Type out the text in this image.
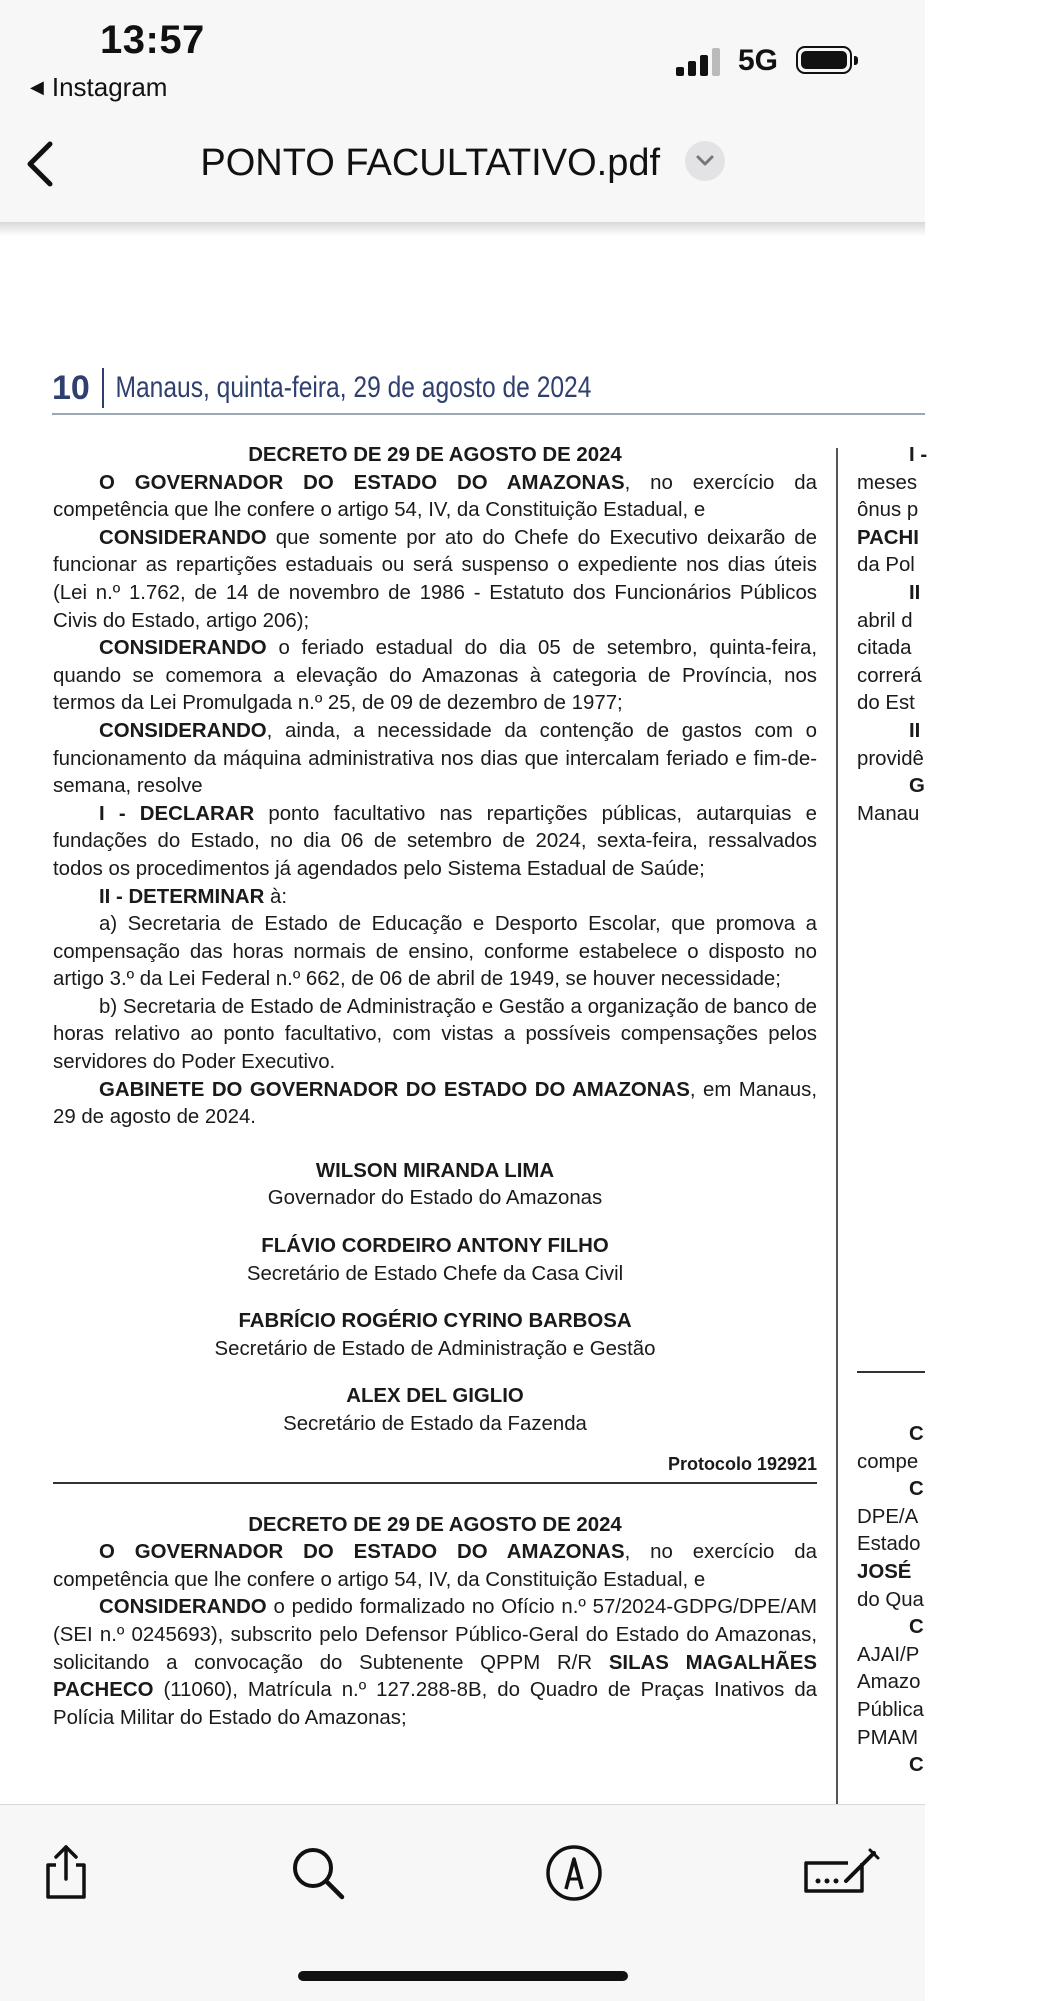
13:57
◀ Instagram
5G
PONTO FACULTATIVO.pdf
10 Manaus, quinta-feira, 29 de agosto de 2024

DECRETO DE 29 DE AGOSTO DE 2024

O GOVERNADOR DO ESTADO DO AMAZONAS, no exercício da competência que lhe confere o artigo 54, IV, da Constituição Estadual, e

CONSIDERANDO que somente por ato do Chefe do Executivo deixarão de funcionar as repartições estaduais ou será suspenso o expediente nos dias úteis (Lei n.º 1.762, de 14 de novembro de 1986 - Estatuto dos Funcionários Públicos Civis do Estado, artigo 206);

CONSIDERANDO o feriado estadual do dia 05 de setembro, quinta-feira, quando se comemora a elevação do Amazonas à categoria de Província, nos termos da Lei Promulgada n.º 25, de 09 de dezembro de 1977;

CONSIDERANDO, ainda, a necessidade da contenção de gastos com o funcionamento da máquina administrativa nos dias que intercalam feriado e fim-de-semana, resolve

I - DECLARAR ponto facultativo nas repartições públicas, autarquias e fundações do Estado, no dia 06 de setembro de 2024, sexta-feira, ressalvados todos os procedimentos já agendados pelo Sistema Estadual de Saúde;

II - DETERMINAR à:

a) Secretaria de Estado de Educação e Desporto Escolar, que promova a compensação das horas normais de ensino, conforme estabelece o disposto no artigo 3.º da Lei Federal n.º 662, de 06 de abril de 1949, se houver necessidade;

b) Secretaria de Estado de Administração e Gestão a organização de banco de horas relativo ao ponto facultativo, com vistas a possíveis compensações pelos servidores do Poder Executivo.

GABINETE DO GOVERNADOR DO ESTADO DO AMAZONAS, em Manaus, 29 de agosto de 2024.

WILSON MIRANDA LIMA
Governador do Estado do Amazonas
FLÁVIO CORDEIRO ANTONY FILHO
Secretário de Estado Chefe da Casa Civil
FABRÍCIO ROGÉRIO CYRINO BARBOSA
Secretário de Estado de Administração e Gestão
ALEX DEL GIGLIO
Secretário de Estado da Fazenda
Protocolo 192921

DECRETO DE 29 DE AGOSTO DE 2024

O GOVERNADOR DO ESTADO DO AMAZONAS, no exercício da competência que lhe confere o artigo 54, IV, da Constituição Estadual, e

CONSIDERANDO o pedido formalizado no Ofício n.º 57/2024-GDPG/DPE/AM (SEI n.º 0245693), subscrito pelo Defensor Público-Geral do Estado do Amazonas, solicitando a convocação do Subtenente QPPM R/R SILAS MAGALHÃES PACHECO (11060), Matrícula n.º 127.288-8B, do Quadro de Praças Inativos da Polícia Militar do Estado do Amazonas;

I -
meses
ônus p
PACHI
da Pol
II
abril d
citada
correrá
do Est
II
providê
G
Manau
C
compe
C
DPE/A
Estado
JOSÉ
do Qua
C
AJAI/P
Amazo
Pública
PMAM
C
